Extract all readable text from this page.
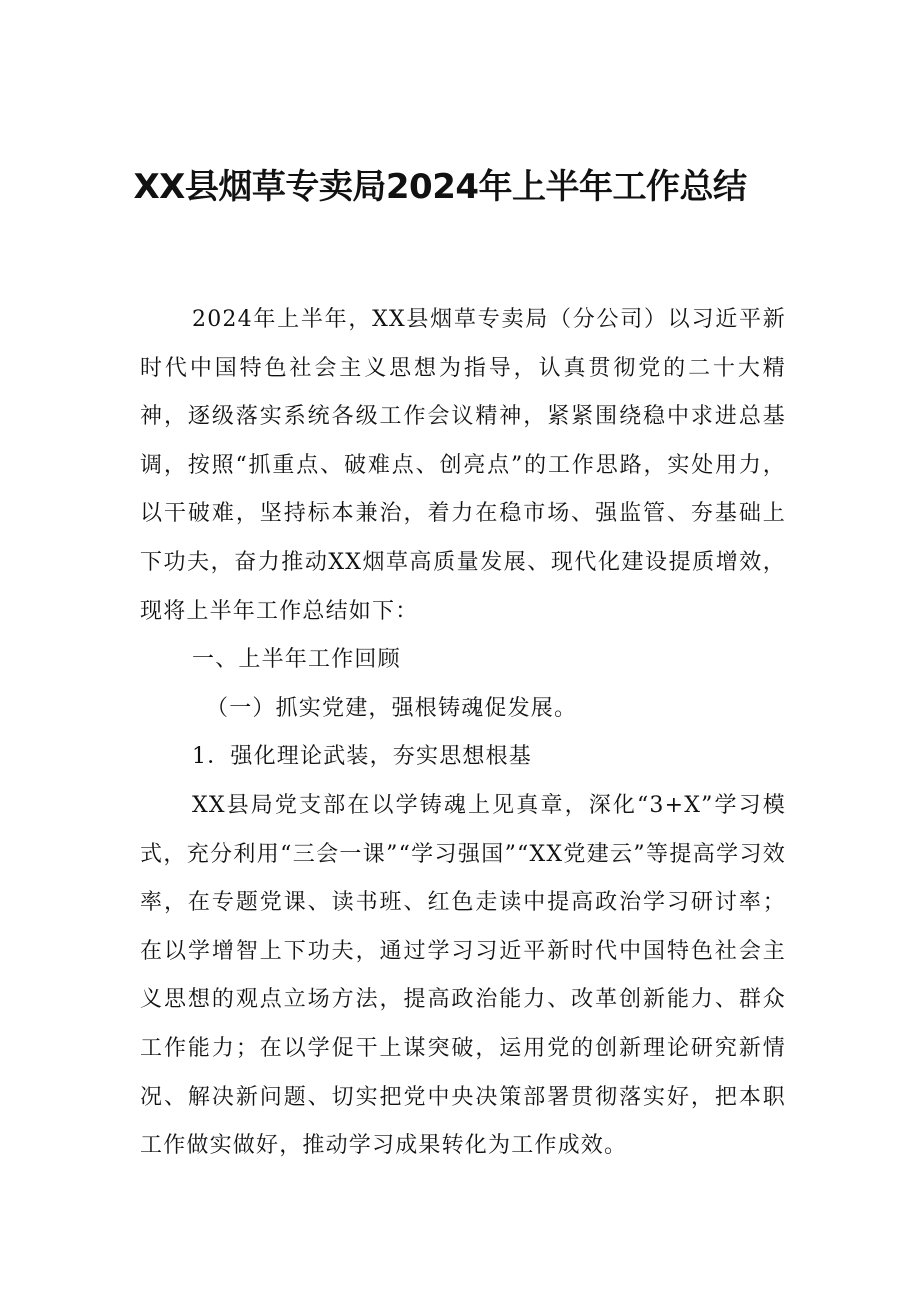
XX县烟草专卖局2024年上半年工作总结

2024年上半年，XX县烟草专卖局（分公司）以习近平新时代中国特色社会主义思想为指导，认真贯彻党的二十大精神，逐级落实系统各级工作会议精神，紧紧围绕稳中求进总基调，按照“抓重点、破难点、创亮点”的工作思路，实处用力，以干破难，坚持标本兼治，着力在稳市场、强监管、夯基础上下功夫，奋力推动XX烟草高质量发展、现代化建设提质增效，现将上半年工作总结如下：

一、上半年工作回顾

（一）抓实党建，强根铸魂促发展。

1．强化理论武装，夯实思想根基

XX县局党支部在以学铸魂上见真章，深化“3+X”学习模式，充分利用“三会一课”“学习强国”“XX党建云”等提高学习效率，在专题党课、读书班、红色走读中提高政治学习研讨率；在以学增智上下功夫，通过学习习近平新时代中国特色社会主义思想的观点立场方法，提高政治能力、改革创新能力、群众工作能力；在以学促干上谋突破，运用党的创新理论研究新情况、解决新问题、切实把党中央决策部署贯彻落实好，把本职工作做实做好，推动学习成果转化为工作成效。
